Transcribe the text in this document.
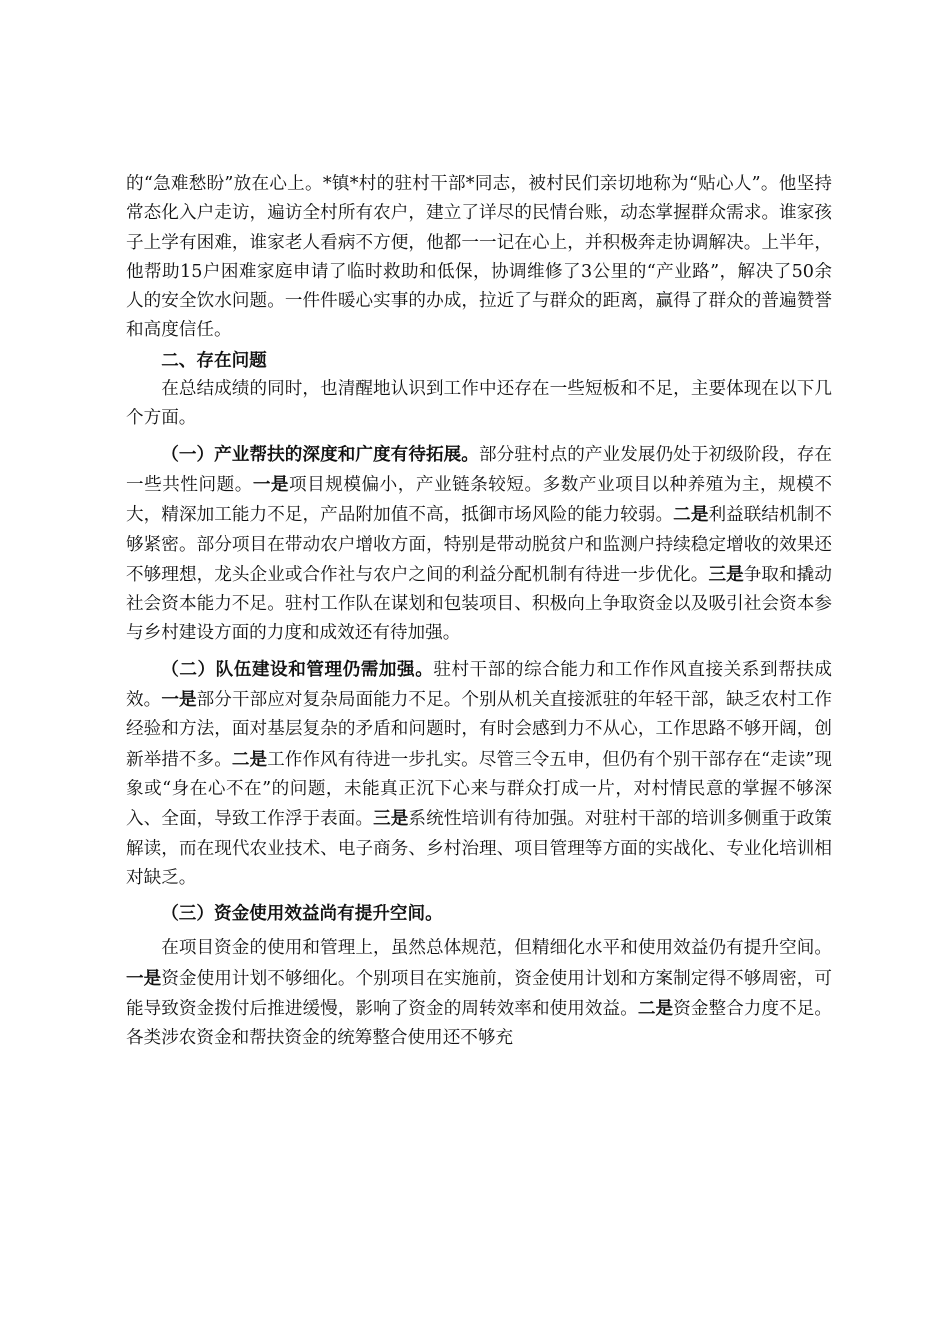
的“急难愁盼”放在心上。*镇*村的驻村干部*同志，被村民们亲切地称为“贴心人”。他坚持常态化入户走访，遍访全村所有农户，建立了详尽的民情台账，动态掌握群众需求。谁家孩子上学有困难，谁家老人看病不方便，他都一一记在心上，并积极奔走协调解决。上半年，他帮助15户困难家庭申请了临时救助和低保，协调维修了3公里的“产业路”，解决了50余人的安全饮水问题。一件件暖心实事的办成，拉近了与群众的距离，赢得了群众的普遍赞誉和高度信任。

二、存在问题

在总结成绩的同时，也清醒地认识到工作中还存在一些短板和不足，主要体现在以下几个方面。

（一）产业帮扶的深度和广度有待拓展。部分驻村点的产业发展仍处于初级阶段，存在一些共性问题。一是项目规模偏小，产业链条较短。多数产业项目以种养殖为主，规模不大，精深加工能力不足，产品附加值不高，抵御市场风险的能力较弱。二是利益联结机制不够紧密。部分项目在带动农户增收方面，特别是带动脱贫户和监测户持续稳定增收的效果还不够理想，龙头企业或合作社与农户之间的利益分配机制有待进一步优化。三是争取和撬动社会资本能力不足。驻村工作队在谋划和包装项目、积极向上争取资金以及吸引社会资本参与乡村建设方面的力度和成效还有待加强。

（二）队伍建设和管理仍需加强。驻村干部的综合能力和工作作风直接关系到帮扶成效。一是部分干部应对复杂局面能力不足。个别从机关直接派驻的年轻干部，缺乏农村工作经验和方法，面对基层复杂的矛盾和问题时，有时会感到力不从心，工作思路不够开阔，创新举措不多。二是工作作风有待进一步扎实。尽管三令五申，但仍有个别干部存在“走读”现象或“身在心不在”的问题，未能真正沉下心来与群众打成一片，对村情民意的掌握不够深入、全面，导致工作浮于表面。三是系统性培训有待加强。对驻村干部的培训多侧重于政策解读，而在现代农业技术、电子商务、乡村治理、项目管理等方面的实战化、专业化培训相对缺乏。

（三）资金使用效益尚有提升空间。

在项目资金的使用和管理上，虽然总体规范，但精细化水平和使用效益仍有提升空间。一是资金使用计划不够细化。个别项目在实施前，资金使用计划和方案制定得不够周密，可能导致资金拨付后推进缓慢，影响了资金的周转效率和使用效益。二是资金整合力度不足。各类涉农资金和帮扶资金的统筹整合使用还不够充
